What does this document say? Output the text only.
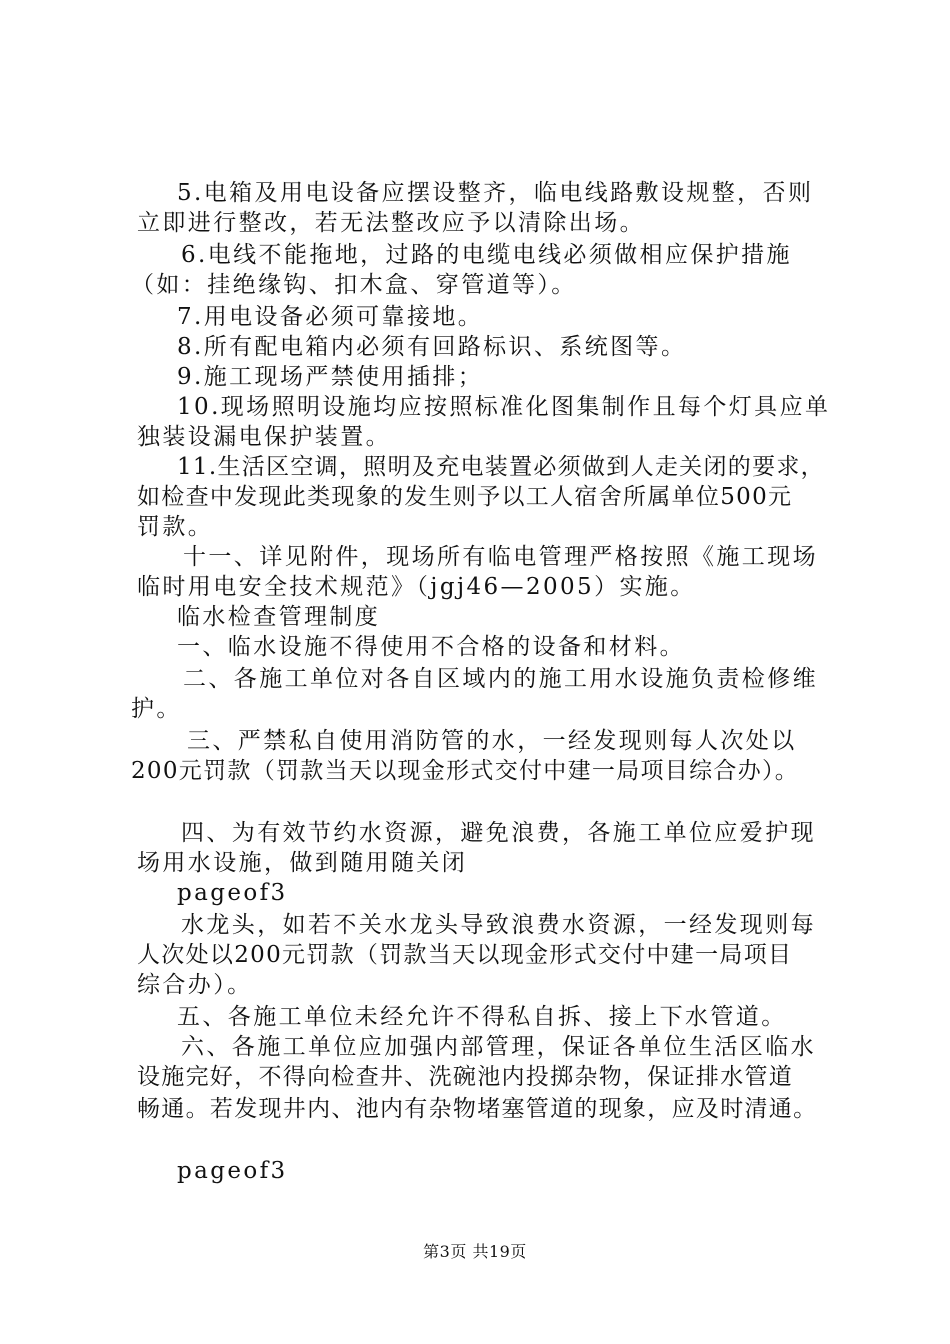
5.电箱及用电设备应摆设整齐，临电线路敷设规整，否则
立即进行整改，若无法整改应予以清除出场。
6.电线不能拖地，过路的电缆电线必须做相应保护措施
（如：挂绝缘钩、扣木盒、穿管道等）。
7.用电设备必须可靠接地。
8.所有配电箱内必须有回路标识、系统图等。
9.施工现场严禁使用插排；
10.现场照明设施均应按照标准化图集制作且每个灯具应单
独装设漏电保护装置。
11.生活区空调，照明及充电装置必须做到人走关闭的要求，
如检查中发现此类现象的发生则予以工人宿舍所属单位500元
罚款。
十一、详见附件，现场所有临电管理严格按照《施工现场
临时用电安全技术规范》（jgj46—2005）实施。
临水检查管理制度
一、临水设施不得使用不合格的设备和材料。
二、各施工单位对各自区域内的施工用水设施负责检修维
护。
三、严禁私自使用消防管的水，一经发现则每人次处以
200元罚款（罚款当天以现金形式交付中建一局项目综合办）。
四、为有效节约水资源，避免浪费，各施工单位应爱护现
场用水设施，做到随用随关闭
pageof3
水龙头，如若不关水龙头导致浪费水资源，一经发现则每
人次处以200元罚款（罚款当天以现金形式交付中建一局项目
综合办）。
五、各施工单位未经允许不得私自拆、接上下水管道。
六、各施工单位应加强内部管理，保证各单位生活区临水
设施完好，不得向检查井、洗碗池内投掷杂物，保证排水管道
畅通。若发现井内、池内有杂物堵塞管道的现象，应及时清通。
pageof3
第3页 共19页
